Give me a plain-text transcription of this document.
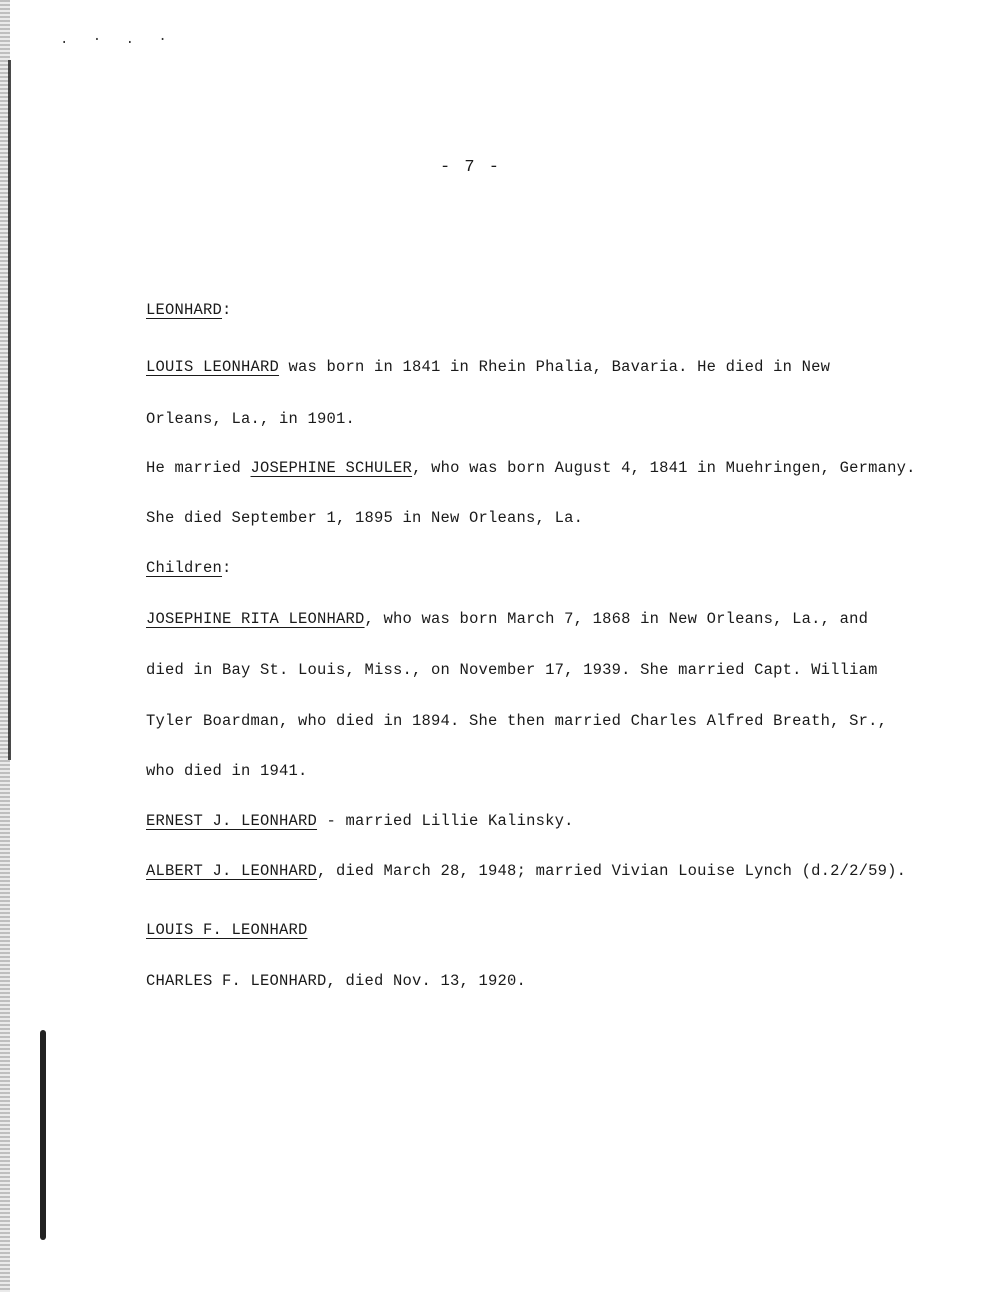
. · . ·
- 7 -
LEONHARD:
LOUIS LEONHARD was born in 1841 in Rhein Phalia, Bavaria. He died in New
Orleans, La., in 1901.
He married JOSEPHINE SCHULER, who was born August 4, 1841 in Muehringen, Germany.
She died September 1, 1895 in New Orleans, La.
Children:
JOSEPHINE RITA LEONHARD, who was born March 7, 1868 in New Orleans, La., and
died in Bay St. Louis, Miss., on November 17, 1939. She married Capt. William
Tyler Boardman, who died in 1894. She then married Charles Alfred Breath, Sr.,
who died in 1941.
ERNEST J. LEONHARD - married Lillie Kalinsky.
ALBERT J. LEONHARD, died March 28, 1948; married Vivian Louise Lynch (d.2/2/59).
LOUIS F. LEONHARD
CHARLES F. LEONHARD, died Nov. 13, 1920.
